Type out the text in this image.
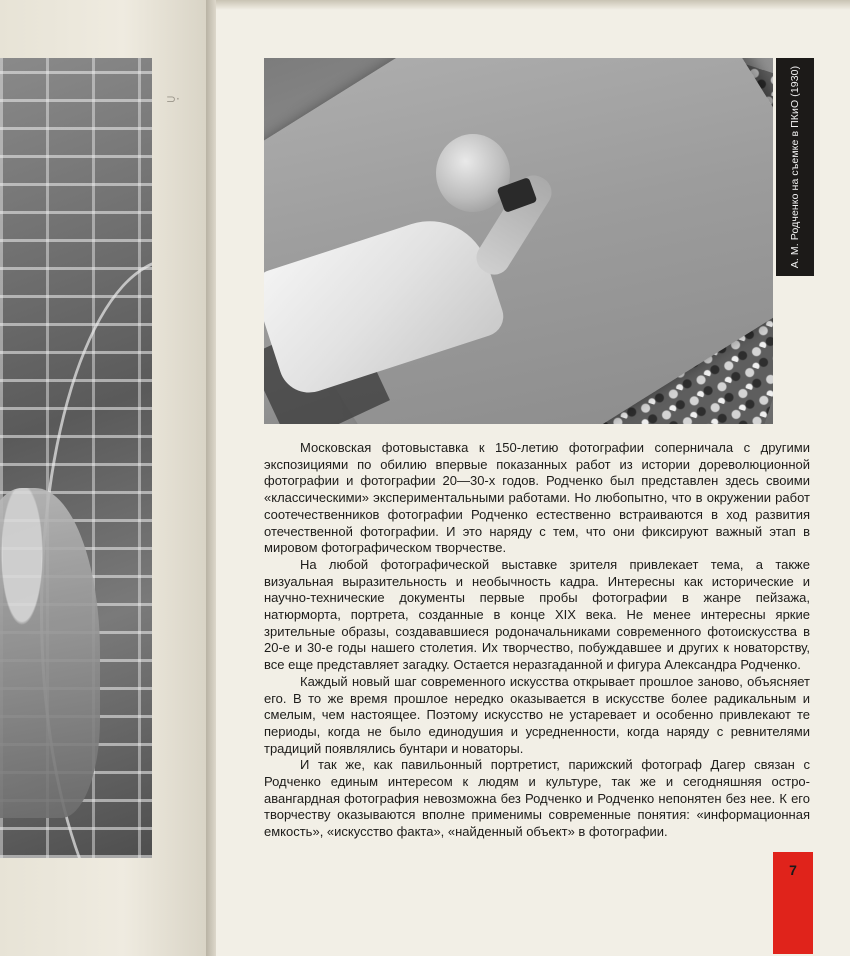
⊃·	А. М. Родченко на съемке в ПКиО (1930)

Московская фотовыставка к 150-летию фотографии соперничала с другими экспозициями по обилию впервые показанных работ из истории дореволюционной фотографии и фотографии 20—30-х годов. Родченко был представлен здесь своими «классическими» экспериментальными работами. Но любопытно, что в окружении работ соотечественников фотографии Родченко естественно встраиваются в ход развития отечественной фотографии. И это наряду с тем, что они фиксируют важный этап в мировом фотографическом творчестве.

На любой фотографической выставке зрителя привлекает тема, а также визуальная выразительность и необычность кадра. Интересны как исторические и научно-технические документы первые пробы фотографии в жанре пейзажа, натюрморта, портрета, созданные в конце XIX века. Не менее интересны яркие зрительные образы, создававшиеся родоначальниками современного фотоискусства в 20-е и 30-е годы нашего столетия. Их творчество, побуждавшее и других к новаторству, все еще представляет загадку. Остается неразгаданной и фигура Александра Родченко.

Каждый новый шаг современного искусства открывает прошлое заново, объясняет его. В то же время прошлое нередко оказывается в искусстве более радикальным и смелым, чем настоящее. Поэтому искусство не устаревает и особенно привлекают те периоды, когда не было единодушия и усредненности, когда наряду с ревнителями традиций появлялись бунтари и новаторы.

И так же, как павильонный портретист, парижский фотограф Дагер связан с Родченко единым интересом к людям и культуре, так же и сегодняшняя остро-авангардная фотография невозможна без Родченко и Родченко непонятен без нее. К его творчеству оказываются вполне применимы современные понятия: «информационная емкость», «искусство факта», «найденный объект» в фотографии.

7
